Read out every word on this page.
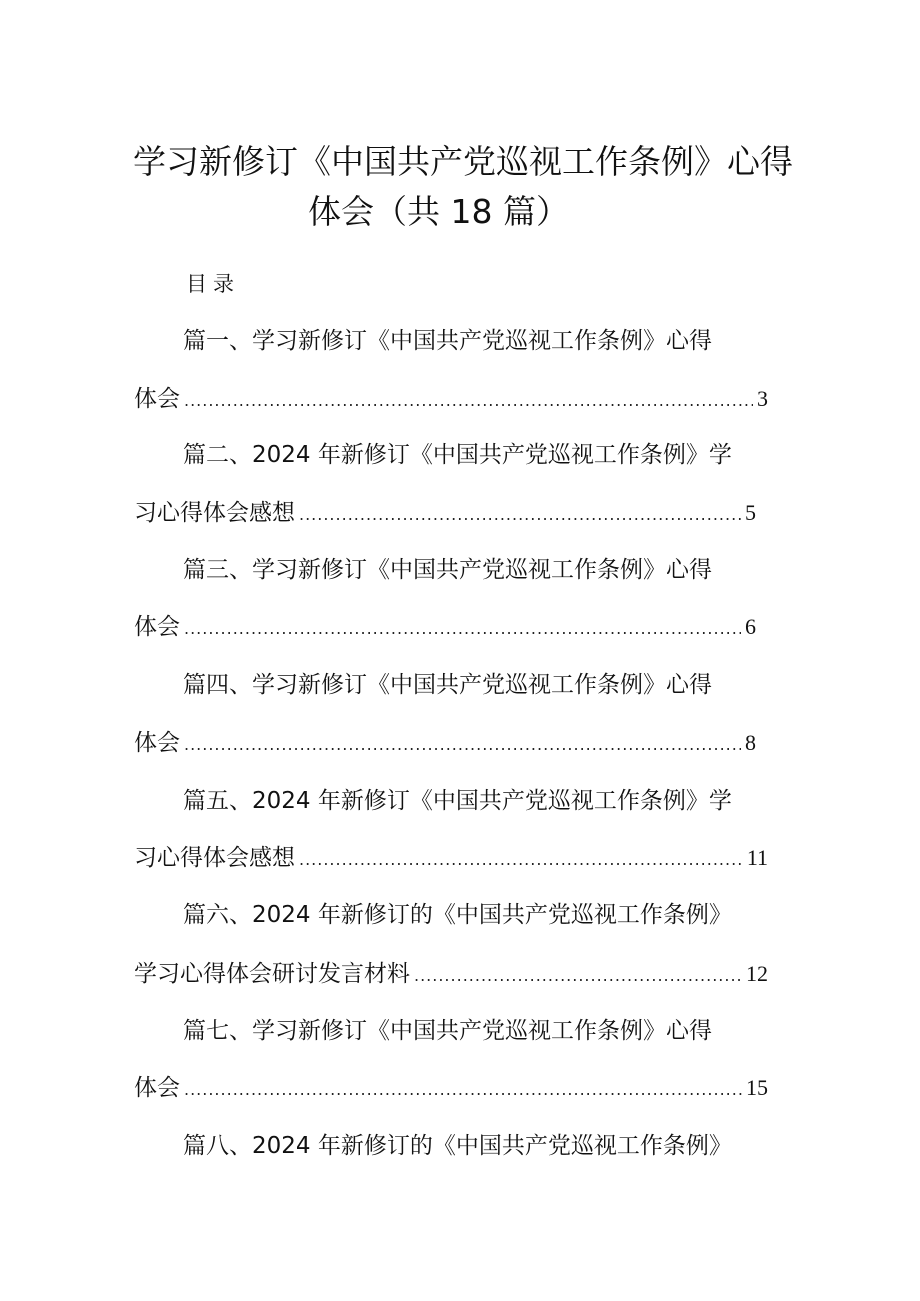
学习新修订《中国共产党巡视工作条例》心得
体会（共 18 篇）
目录
篇一、学习新修订《中国共产党巡视工作条例》心得
体会 .....	3
篇二、2024 年新修订《中国共产党巡视工作条例》学
习心得体会感想 .....	5
篇三、学习新修订《中国共产党巡视工作条例》心得
体会 .....	6
篇四、学习新修订《中国共产党巡视工作条例》心得
体会 .....	8
篇五、2024 年新修订《中国共产党巡视工作条例》学
习心得体会感想 .....	11
篇六、2024 年新修订的《中国共产党巡视工作条例》
学习心得体会研讨发言材料 .....	12
篇七、学习新修订《中国共产党巡视工作条例》心得
体会 .....	15
篇八、2024 年新修订的《中国共产党巡视工作条例》
